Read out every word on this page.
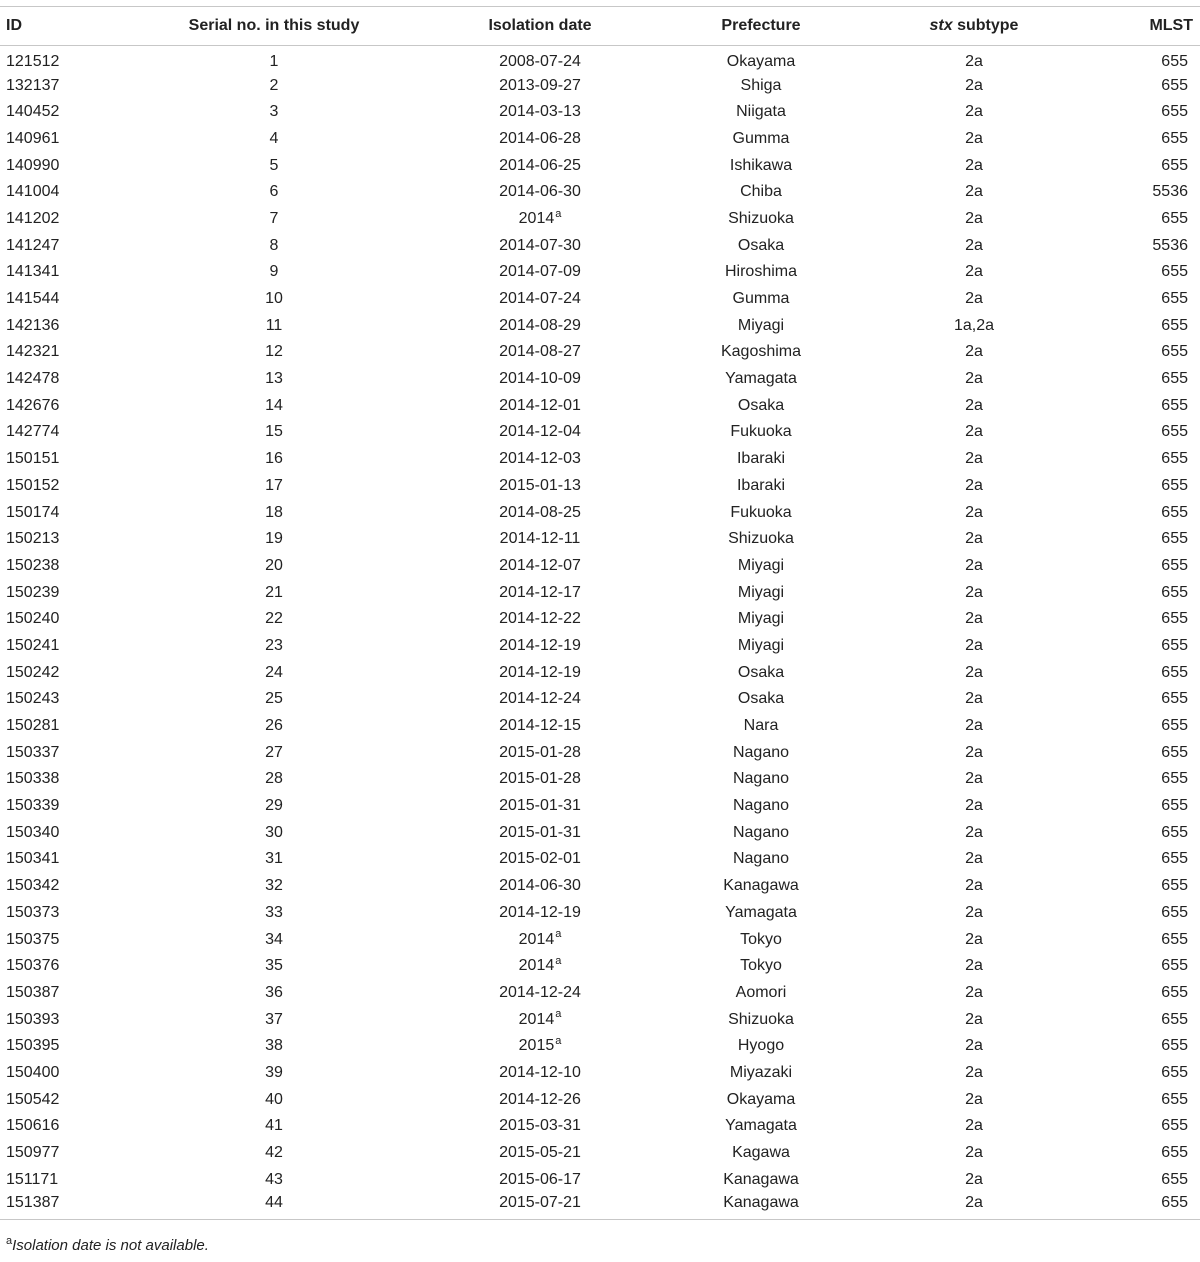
ID	Serial no. in this study	Isolation date	Prefecture	stx subtype	MLST
121512	1	2008-07-24	Okayama	2a	655
132137	2	2013-09-27	Shiga	2a	655
140452	3	2014-03-13	Niigata	2a	655
140961	4	2014-06-28	Gumma	2a	655
140990	5	2014-06-25	Ishikawa	2a	655
141004	6	2014-06-30	Chiba	2a	5536
141202	7	2014$^a$	Shizuoka	2a	655
141247	8	2014-07-30	Osaka	2a	5536
141341	9	2014-07-09	Hiroshima	2a	655
141544	10	2014-07-24	Gumma	2a	655
142136	11	2014-08-29	Miyagi	1a,2a	655
142321	12	2014-08-27	Kagoshima	2a	655
142478	13	2014-10-09	Yamagata	2a	655
142676	14	2014-12-01	Osaka	2a	655
142774	15	2014-12-04	Fukuoka	2a	655
150151	16	2014-12-03	Ibaraki	2a	655
150152	17	2015-01-13	Ibaraki	2a	655
150174	18	2014-08-25	Fukuoka	2a	655
150213	19	2014-12-11	Shizuoka	2a	655
150238	20	2014-12-07	Miyagi	2a	655
150239	21	2014-12-17	Miyagi	2a	655
150240	22	2014-12-22	Miyagi	2a	655
150241	23	2014-12-19	Miyagi	2a	655
150242	24	2014-12-19	Osaka	2a	655
150243	25	2014-12-24	Osaka	2a	655
150281	26	2014-12-15	Nara	2a	655
150337	27	2015-01-28	Nagano	2a	655
150338	28	2015-01-28	Nagano	2a	655
150339	29	2015-01-31	Nagano	2a	655
150340	30	2015-01-31	Nagano	2a	655
150341	31	2015-02-01	Nagano	2a	655
150342	32	2014-06-30	Kanagawa	2a	655
150373	33	2014-12-19	Yamagata	2a	655
150375	34	2014$^a$	Tokyo	2a	655
150376	35	2014$^a$	Tokyo	2a	655
150387	36	2014-12-24	Aomori	2a	655
150393	37	2014$^a$	Shizuoka	2a	655
150395	38	2015$^a$	Hyogo	2a	655
150400	39	2014-12-10	Miyazaki	2a	655
150542	40	2014-12-26	Okayama	2a	655
150616	41	2015-03-31	Yamagata	2a	655
150977	42	2015-05-21	Kagawa	2a	655
151171	43	2015-06-17	Kanagawa	2a	655
151387	44	2015-07-21	Kanagawa	2a	655
$^a$Isolation date is not available.
